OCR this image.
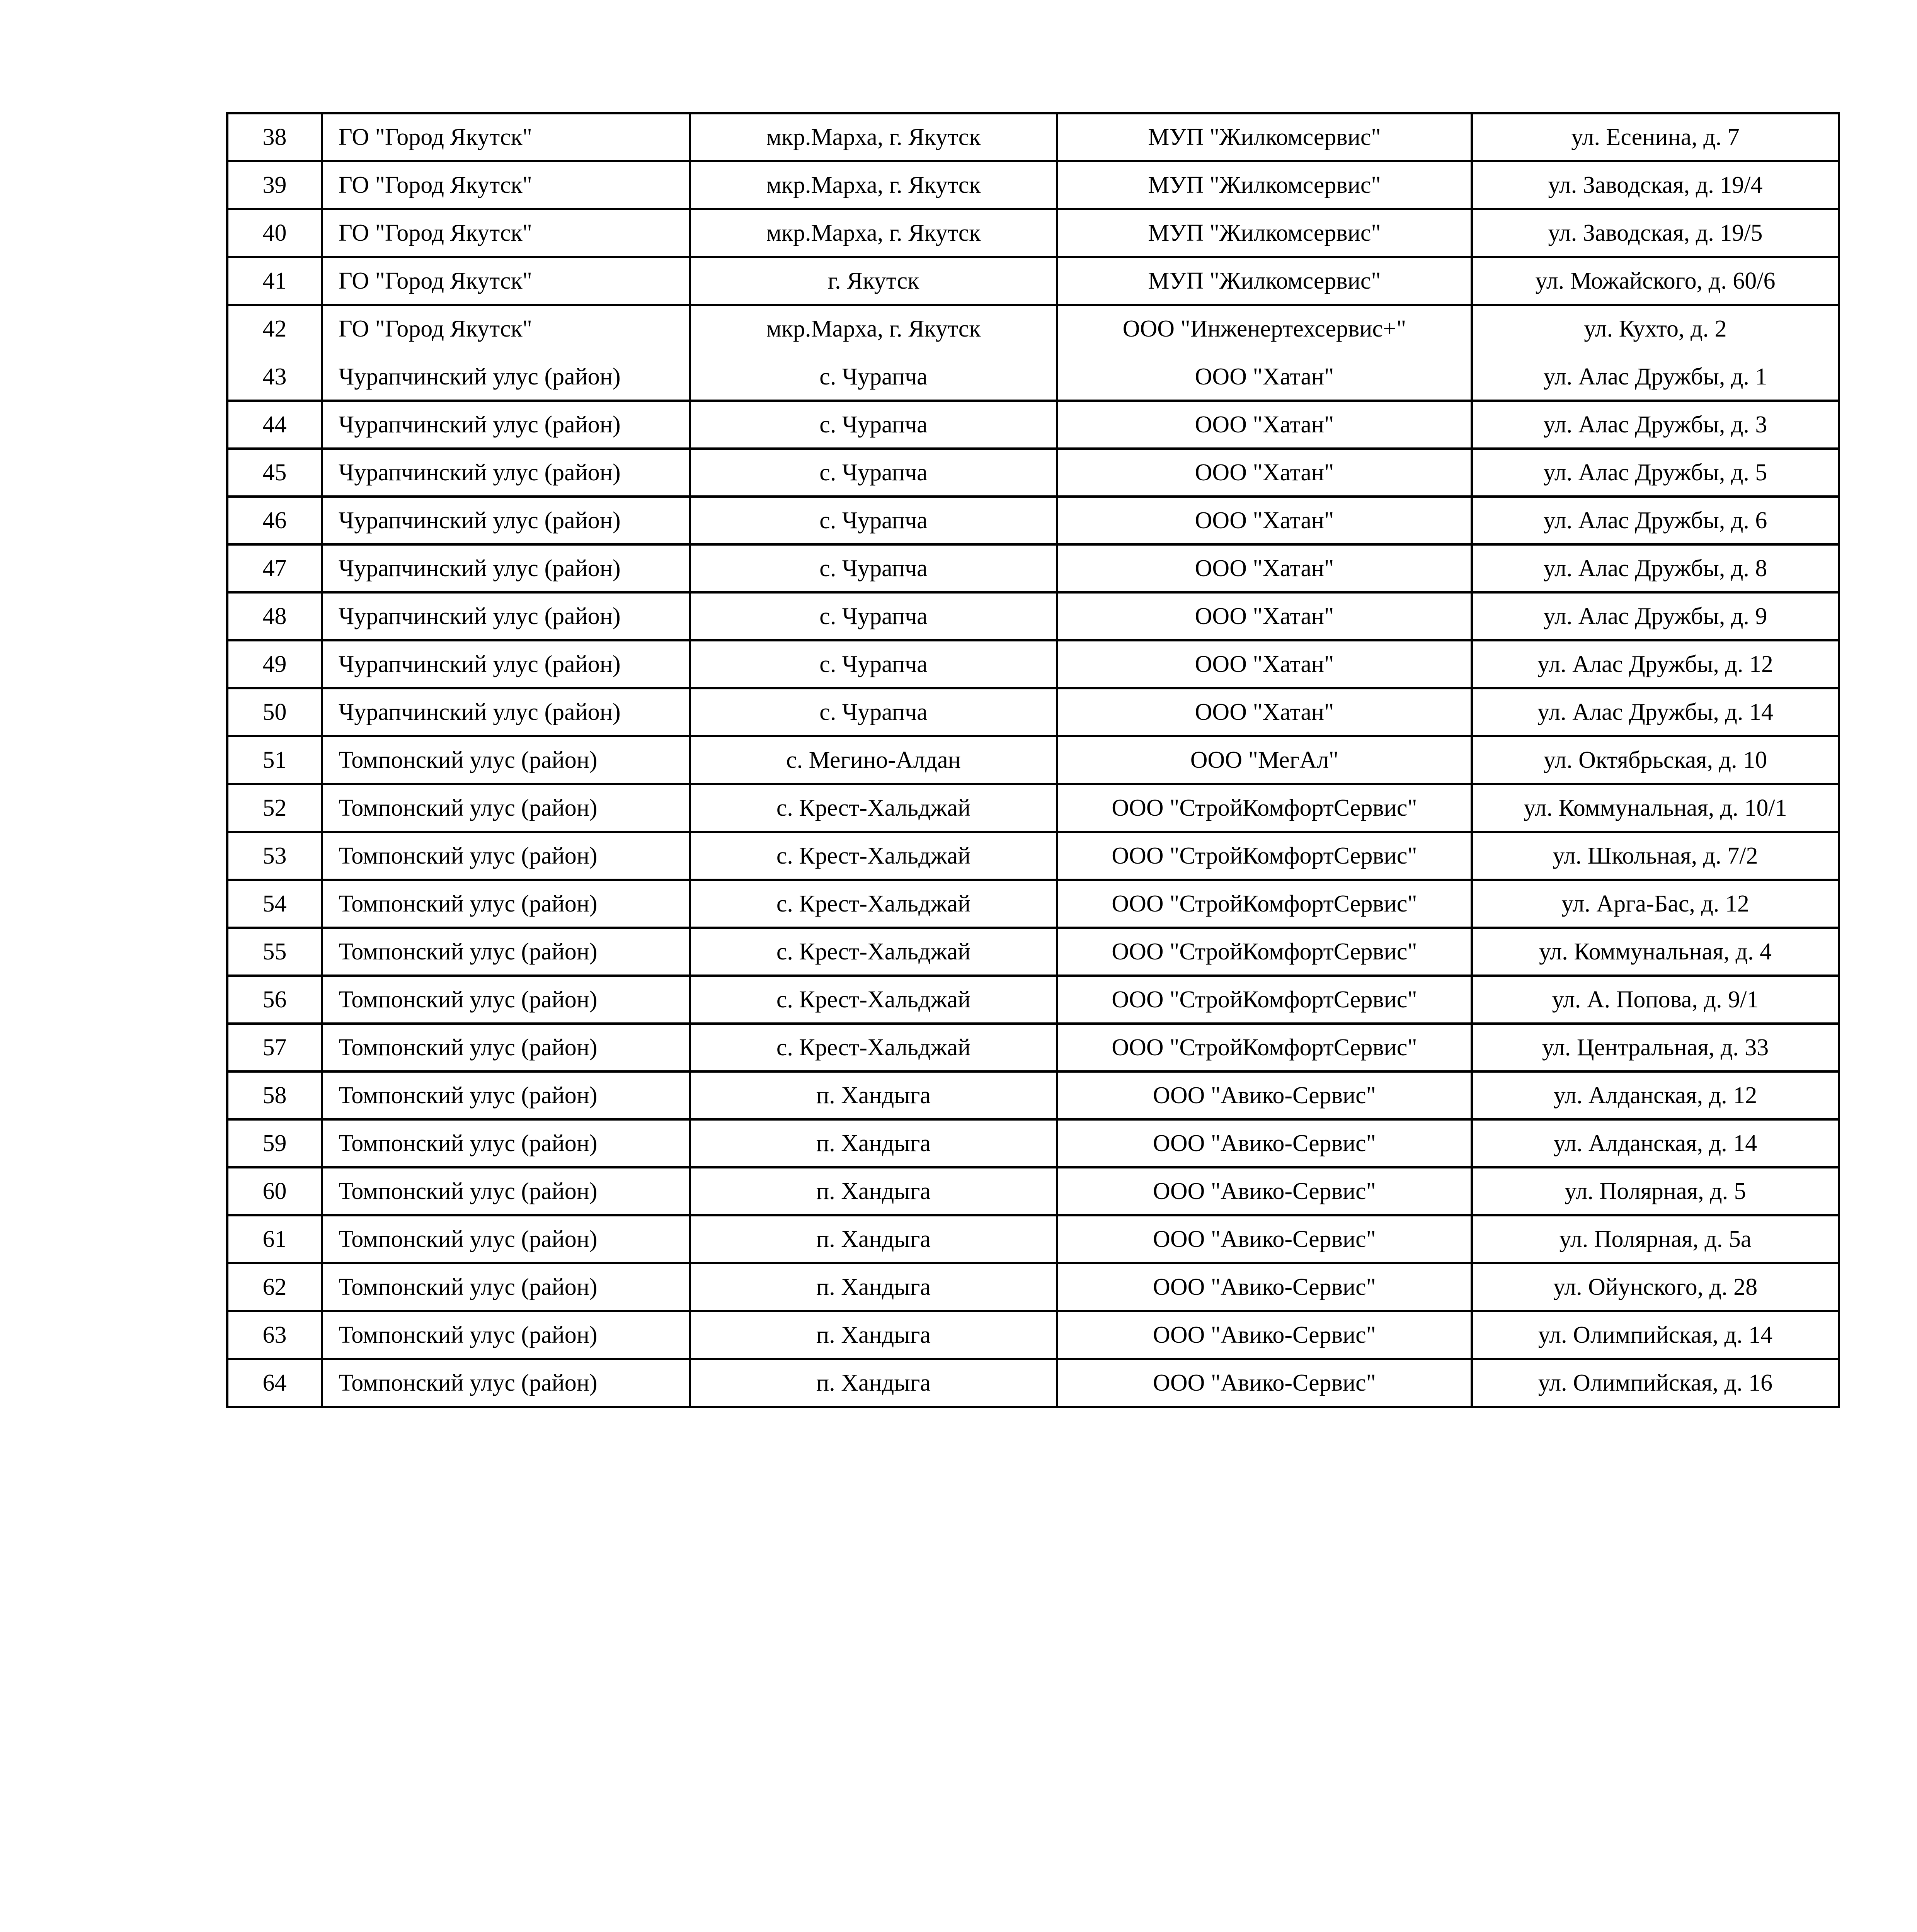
38	ГО "Город Якутск"	мкр.Марха, г. Якутск	МУП "Жилкомсервис"	ул. Есенина, д. 7
39	ГО "Город Якутск"	мкр.Марха, г. Якутск	МУП "Жилкомсервис"	ул. Заводская, д. 19/4
40	ГО "Город Якутск"	мкр.Марха, г. Якутск	МУП "Жилкомсервис"	ул. Заводская, д. 19/5
41	ГО "Город Якутск"	г. Якутск	МУП "Жилкомсервис"	ул. Можайского, д. 60/6
42	ГО "Город Якутск"	мкр.Марха, г. Якутск	ООО "Инженертехсервис+"	ул. Кухто, д. 2
43	Чурапчинский улус (район)	с. Чурапча	ООО "Хатан"	ул. Алас Дружбы, д. 1
44	Чурапчинский улус (район)	с. Чурапча	ООО "Хатан"	ул. Алас Дружбы, д. 3
45	Чурапчинский улус (район)	с. Чурапча	ООО "Хатан"	ул. Алас Дружбы, д. 5
46	Чурапчинский улус (район)	с. Чурапча	ООО "Хатан"	ул. Алас Дружбы, д. 6
47	Чурапчинский улус (район)	с. Чурапча	ООО "Хатан"	ул. Алас Дружбы, д. 8
48	Чурапчинский улус (район)	с. Чурапча	ООО "Хатан"	ул. Алас Дружбы, д. 9
49	Чурапчинский улус (район)	с. Чурапча	ООО "Хатан"	ул. Алас Дружбы, д. 12
50	Чурапчинский улус (район)	с. Чурапча	ООО "Хатан"	ул. Алас Дружбы, д. 14
51	Томпонский улус (район)	с. Мегино-Алдан	ООО "МегАл"	ул. Октябрьская, д. 10
52	Томпонский улус (район)	с. Крест-Хальджай	ООО "СтройКомфортСервис"	ул. Коммунальная, д. 10/1
53	Томпонский улус (район)	с. Крест-Хальджай	ООО "СтройКомфортСервис"	ул. Школьная, д. 7/2
54	Томпонский улус (район)	с. Крест-Хальджай	ООО "СтройКомфортСервис"	ул. Арга-Бас, д. 12
55	Томпонский улус (район)	с. Крест-Хальджай	ООО "СтройКомфортСервис"	ул. Коммунальная, д. 4
56	Томпонский улус (район)	с. Крест-Хальджай	ООО "СтройКомфортСервис"	ул. А. Попова, д. 9/1
57	Томпонский улус (район)	с. Крест-Хальджай	ООО "СтройКомфортСервис"	ул. Центральная, д. 33
58	Томпонский улус (район)	п. Хандыга	ООО "Авико-Сервис"	ул. Алданская, д. 12
59	Томпонский улус (район)	п. Хандыга	ООО "Авико-Сервис"	ул. Алданская, д. 14
60	Томпонский улус (район)	п. Хандыга	ООО "Авико-Сервис"	ул. Полярная, д. 5
61	Томпонский улус (район)	п. Хандыга	ООО "Авико-Сервис"	ул. Полярная, д. 5а
62	Томпонский улус (район)	п. Хандыга	ООО "Авико-Сервис"	ул. Ойунского, д. 28
63	Томпонский улус (район)	п. Хандыга	ООО "Авико-Сервис"	ул. Олимпийская, д. 14
64	Томпонский улус (район)	п. Хандыга	ООО "Авико-Сервис"	ул. Олимпийская, д. 16
